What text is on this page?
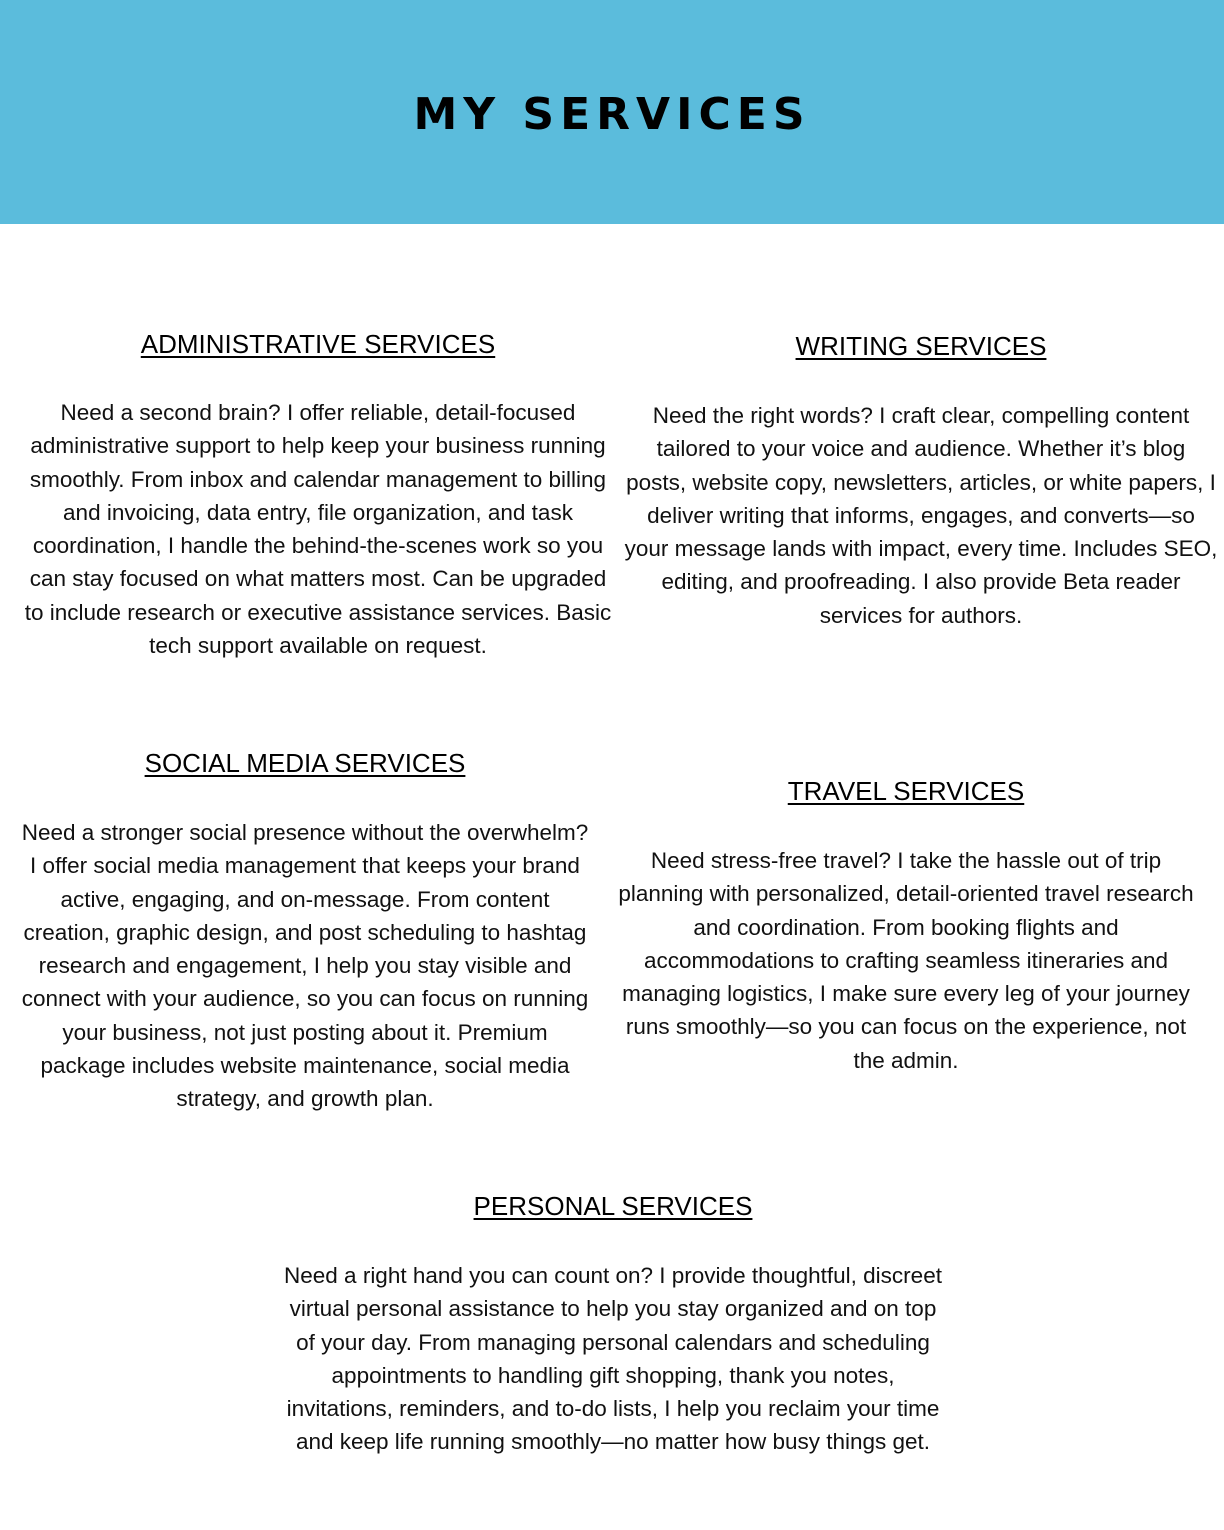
MY SERVICES
ADMINISTRATIVE SERVICES

Need a second brain? I offer reliable, detail-focused administrative support to help keep your business running smoothly. From inbox and calendar management to billing and invoicing, data entry, file organization, and task coordination, I handle the behind-the-scenes work so you can stay focused on what matters most. Can be upgraded to include research or executive assistance services. Basic tech support available on request.

WRITING SERVICES

Need the right words? I craft clear, compelling content tailored to your voice and audience. Whether it’s blog posts, website copy, newsletters, articles, or white papers, I deliver writing that informs, engages, and converts—so your message lands with impact, every time. Includes SEO, editing, and proofreading. I also provide Beta reader services for authors.

SOCIAL MEDIA SERVICES

Need a stronger social presence without the overwhelm? I offer social media management that keeps your brand active, engaging, and on-message. From content creation, graphic design, and post scheduling to hashtag research and engagement, I help you stay visible and connect with your audience, so you can focus on running your business, not just posting about it. Premium package includes website maintenance, social media strategy, and growth plan.

TRAVEL SERVICES

Need stress-free travel? I take the hassle out of trip planning with personalized, detail-oriented travel research and coordination. From booking flights and accommodations to crafting seamless itineraries and managing logistics, I make sure every leg of your journey runs smoothly—so you can focus on the experience, not the admin.

PERSONAL SERVICES

Need a right hand you can count on? I provide thoughtful, discreet virtual personal assistance to help you stay organized and on top of your day. From managing personal calendars and scheduling appointments to handling gift shopping, thank you notes, invitations, reminders, and to-do lists, I help you reclaim your time and keep life running smoothly—no matter how busy things get.
